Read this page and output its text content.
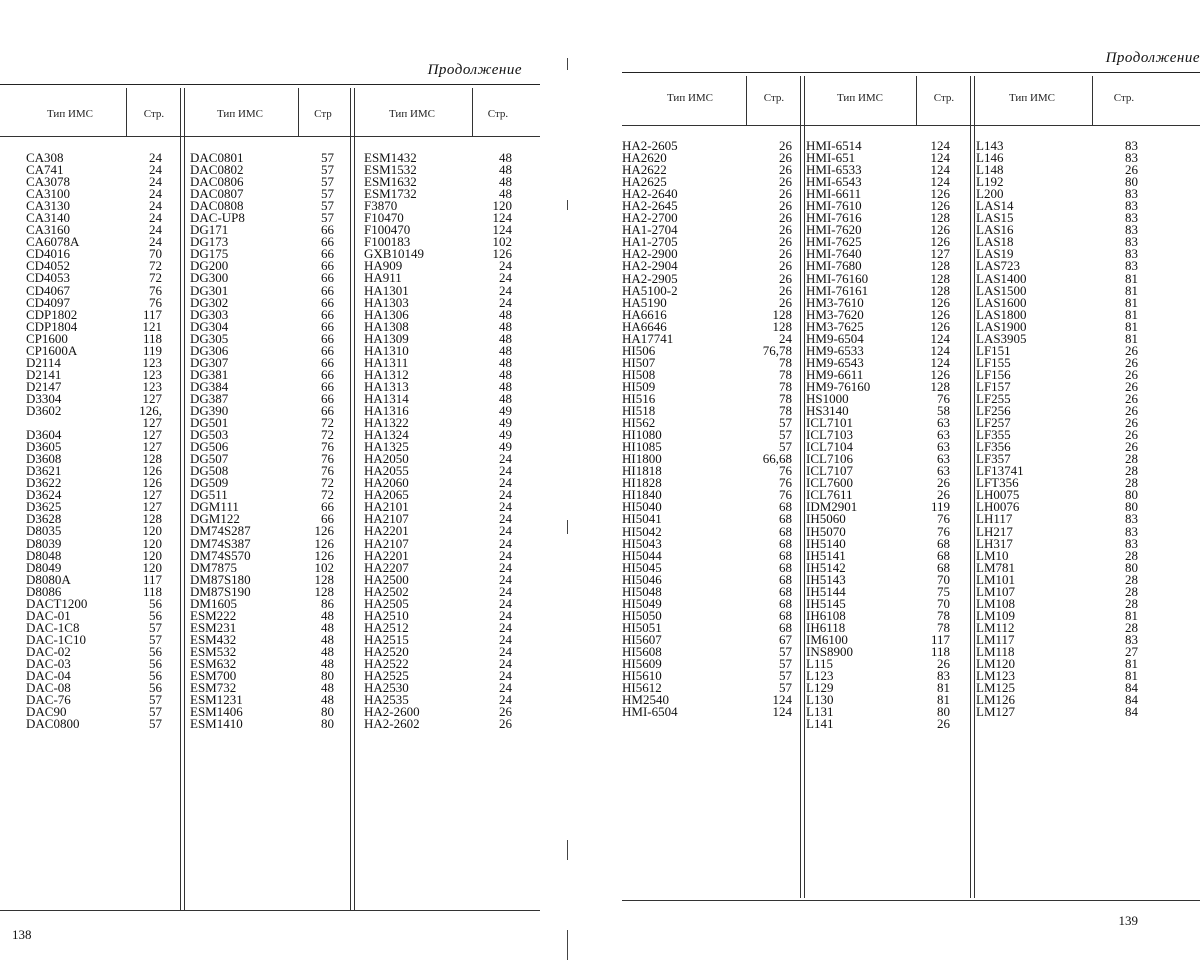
Продолжение
Тип ИМС	Стр.	Тип ИМС	Стр	Тип ИМС	Стр.
CA308	24
CA741	24
CA3078	24
CA3100	24
CA3130	24
CA3140	24
CA3160	24
CA6078A	24
CD4016	70
CD4052	72
CD4053	72
CD4067	76
CD4097	76
CDP1802	117
CDP1804	121
CP1600	118
CP1600A	119
D2114	123
D2141	123
D2147	123
D3304	127
D3602	126,
127
D3604	127
D3605	127
D3608	128
D3621	126
D3622	126
D3624	127
D3625	127
D3628	128
D8035	120
D8039	120
D8048	120
D8049	120
D8080A	117
D8086	118
DACT1200	56
DAC-01	56
DAC-1C8	57
DAC-1C10	57
DAC-02	56
DAC-03	56
DAC-04	56
DAC-08	56
DAC-76	57
DAC90	57
DAC0800	57
DAC0801	57
DAC0802	57
DAC0806	57
DAC0807	57
DAC0808	57
DAC-UP8	57
DG171	66
DG173	66
DG175	66
DG200	66
DG300	66
DG301	66
DG302	66
DG303	66
DG304	66
DG305	66
DG306	66
DG307	66
DG381	66
DG384	66
DG387	66
DG390	66
DG501	72
DG503	72
DG506	76
DG507	76
DG508	76
DG509	72
DG511	72
DGM111	66
DGM122	66
DM74S287	126
DM74S387	126
DM74S570	126
DM7875	102
DM87S180	128
DM87S190	128
DM1605	86
ESM222	48
ESM231	48
ESM432	48
ESM532	48
ESM632	48
ESM700	80
ESM732	48
ESM1231	48
ESM1406	80
ESM1410	80
ESM1432	48
ESM1532	48
ESM1632	48
ESM1732	48
F3870	120
F10470	124
F100470	124
F100183	102
GXB10149	126
HA909	24
HA911	24
HA1301	24
HA1303	24
HA1306	48
HA1308	48
HA1309	48
HA1310	48
HA1311	48
HA1312	48
HA1313	48
HA1314	48
HA1316	49
HA1322	49
HA1324	49
HA1325	49
HA2050	24
HA2055	24
HA2060	24
HA2065	24
HA2101	24
HA2107	24
HA2201	24
HA2107	24
HA2201	24
HA2207	24
HA2500	24
HA2502	24
HA2505	24
HA2510	24
HA2512	24
HA2515	24
HA2520	24
HA2522	24
HA2525	24
HA2530	24
HA2535	24
HA2-2600	26
HA2-2602	26
138
Продолжение
Тип ИМС	Стр.	Тип ИМС	Стр.	Тип ИМС	Стр.
HA2-2605	26
HA2620	26
HA2622	26
HA2625	26
HA2-2640	26
HA2-2645	26
HA2-2700	26
HA1-2704	26
HA1-2705	26
HA2-2900	26
HA2-2904	26
HA2-2905	26
HA5100-2	26
HA5190	26
HA6616	128
HA6646	128
HA17741	24
HI506	76,78
HI507	78
HI508	78
HI509	78
HI516	78
HI518	78
HI562	57
HI1080	57
HI1085	57
HI1800	66,68
HI1818	76
HI1828	76
HI1840	76
HI5040	68
HI5041	68
HI5042	68
HI5043	68
HI5044	68
HI5045	68
HI5046	68
HI5048	68
HI5049	68
HI5050	68
HI5051	68
HI5607	67
HI5608	57
HI5609	57
HI5610	57
HI5612	57
HM2540	124
HMI-6504	124
HMI-6514	124
HMI-651	124
HMI-6533	124
HMI-6543	124
HMI-6611	126
HMI-7610	126
HMI-7616	128
HMI-7620	126
HMI-7625	126
HMI-7640	127
HMI-7680	128
HMI-76160	128
HMI-76161	128
HM3-7610	126
HM3-7620	126
HM3-7625	126
HM9-6504	124
HM9-6533	124
HM9-6543	124
HM9-6611	126
HM9-76160	128
HS1000	76
HS3140	58
ICL7101	63
ICL7103	63
ICL7104	63
ICL7106	63
ICL7107	63
ICL7600	26
ICL7611	26
IDM2901	119
IH5060	76
IH5070	76
IH5140	68
IH5141	68
IH5142	68
IH5143	70
IH5144	75
IH5145	70
IH6108	78
IH6118	78
IM6100	117
INS8900	118
L115	26
L123	83
L129	81
L130	81
L131	80
L141	26
L143	83
L146	83
L148	26
L192	80
L200	83
LAS14	83
LAS15	83
LAS16	83
LAS18	83
LAS19	83
LAS723	83
LAS1400	81
LAS1500	81
LAS1600	81
LAS1800	81
LAS1900	81
LAS3905	81
LF151	26
LF155	26
LF156	26
LF157	26
LF255	26
LF256	26
LF257	26
LF355	26
LF356	26
LF357	28
LF13741	28
LFT356	28
LH0075	80
LH0076	80
LH117	83
LH217	83
LH317	83
LM10	28
LM781	80
LM101	28
LM107	28
LM108	28
LM109	81
LM112	28
LM117	83
LM118	27
LM120	81
LM123	81
LM125	84
LM126	84
LM127	84
139
